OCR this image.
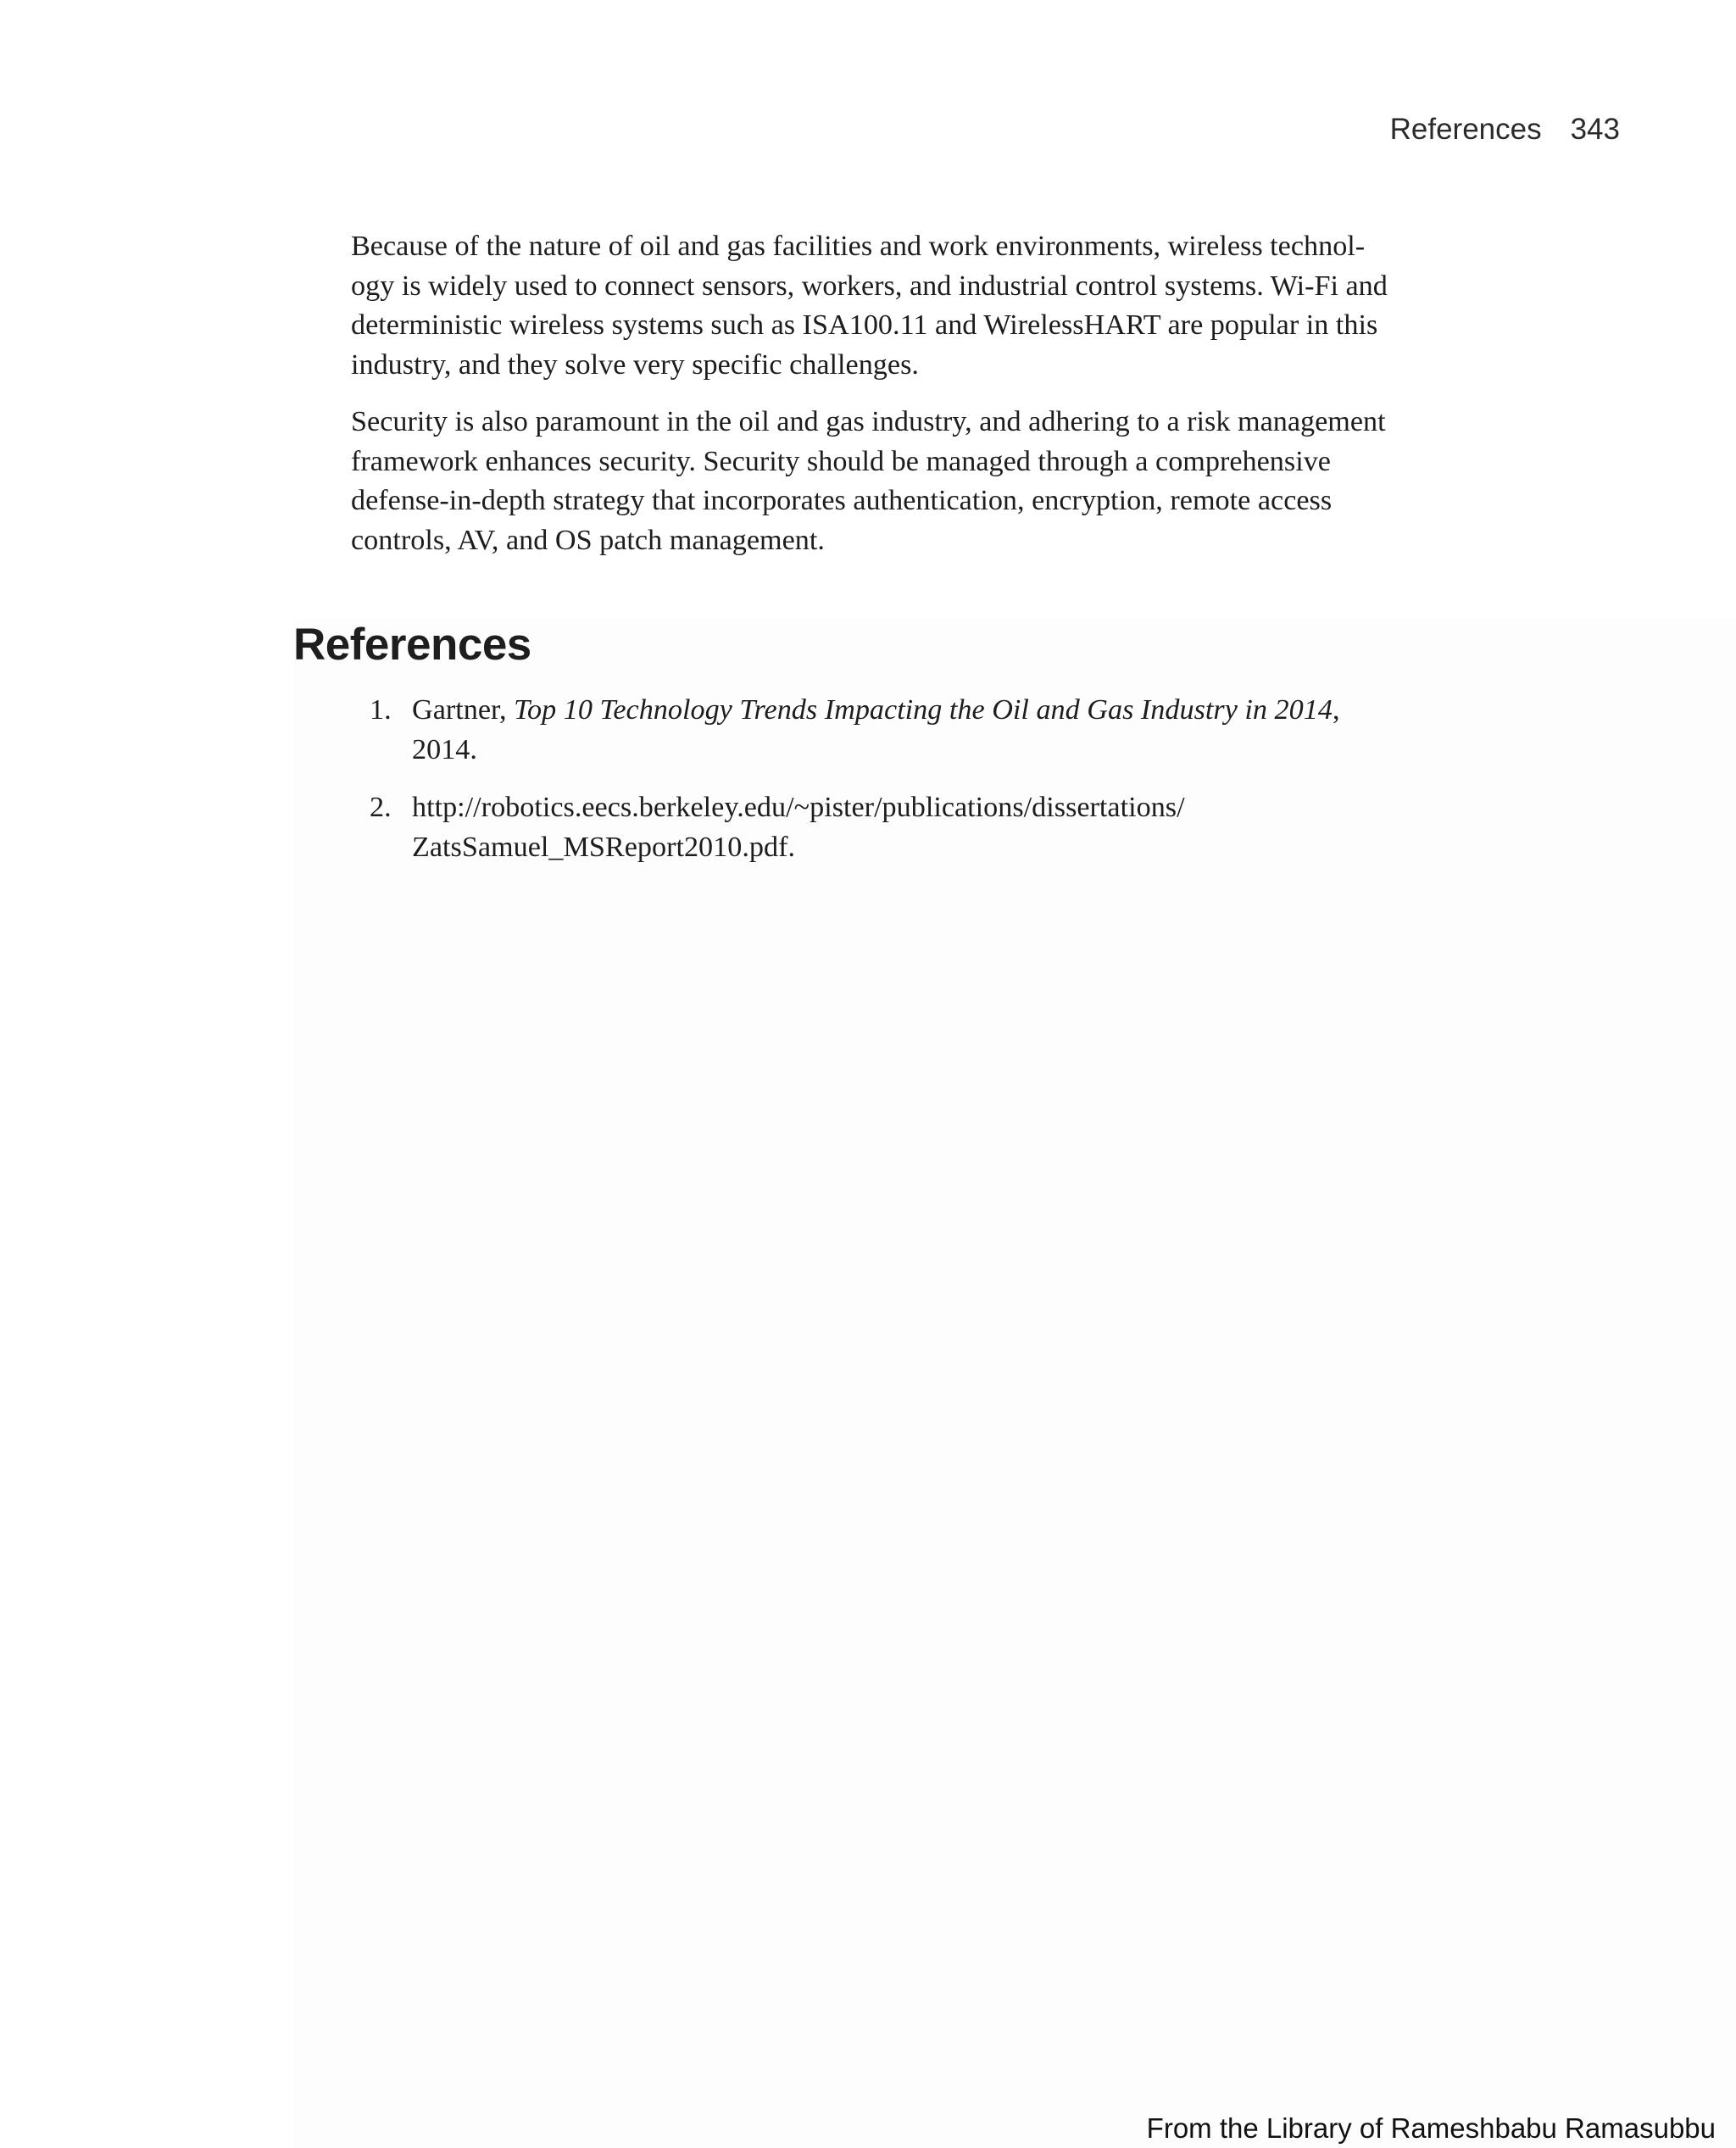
References 343

Because of the nature of oil and gas facilities and work environments, wireless technol-
ogy is widely used to connect sensors, workers, and industrial control systems. Wi-Fi and
deterministic wireless systems such as ISA100.11 and WirelessHART are popular in this
industry, and they solve very specific challenges.

Security is also paramount in the oil and gas industry, and adhering to a risk management
framework enhances security. Security should be managed through a comprehensive
defense-in-depth strategy that incorporates authentication, encryption, remote access
controls, AV, and OS patch management.

References
1. Gartner, Top 10 Technology Trends Impacting the Oil and Gas Industry in 2014,
2014.
2. http://robotics.eecs.berkeley.edu/~pister/publications/dissertations/
ZatsSamuel_MSReport2010.pdf.
From the Library of Rameshbabu Ramasubbu
